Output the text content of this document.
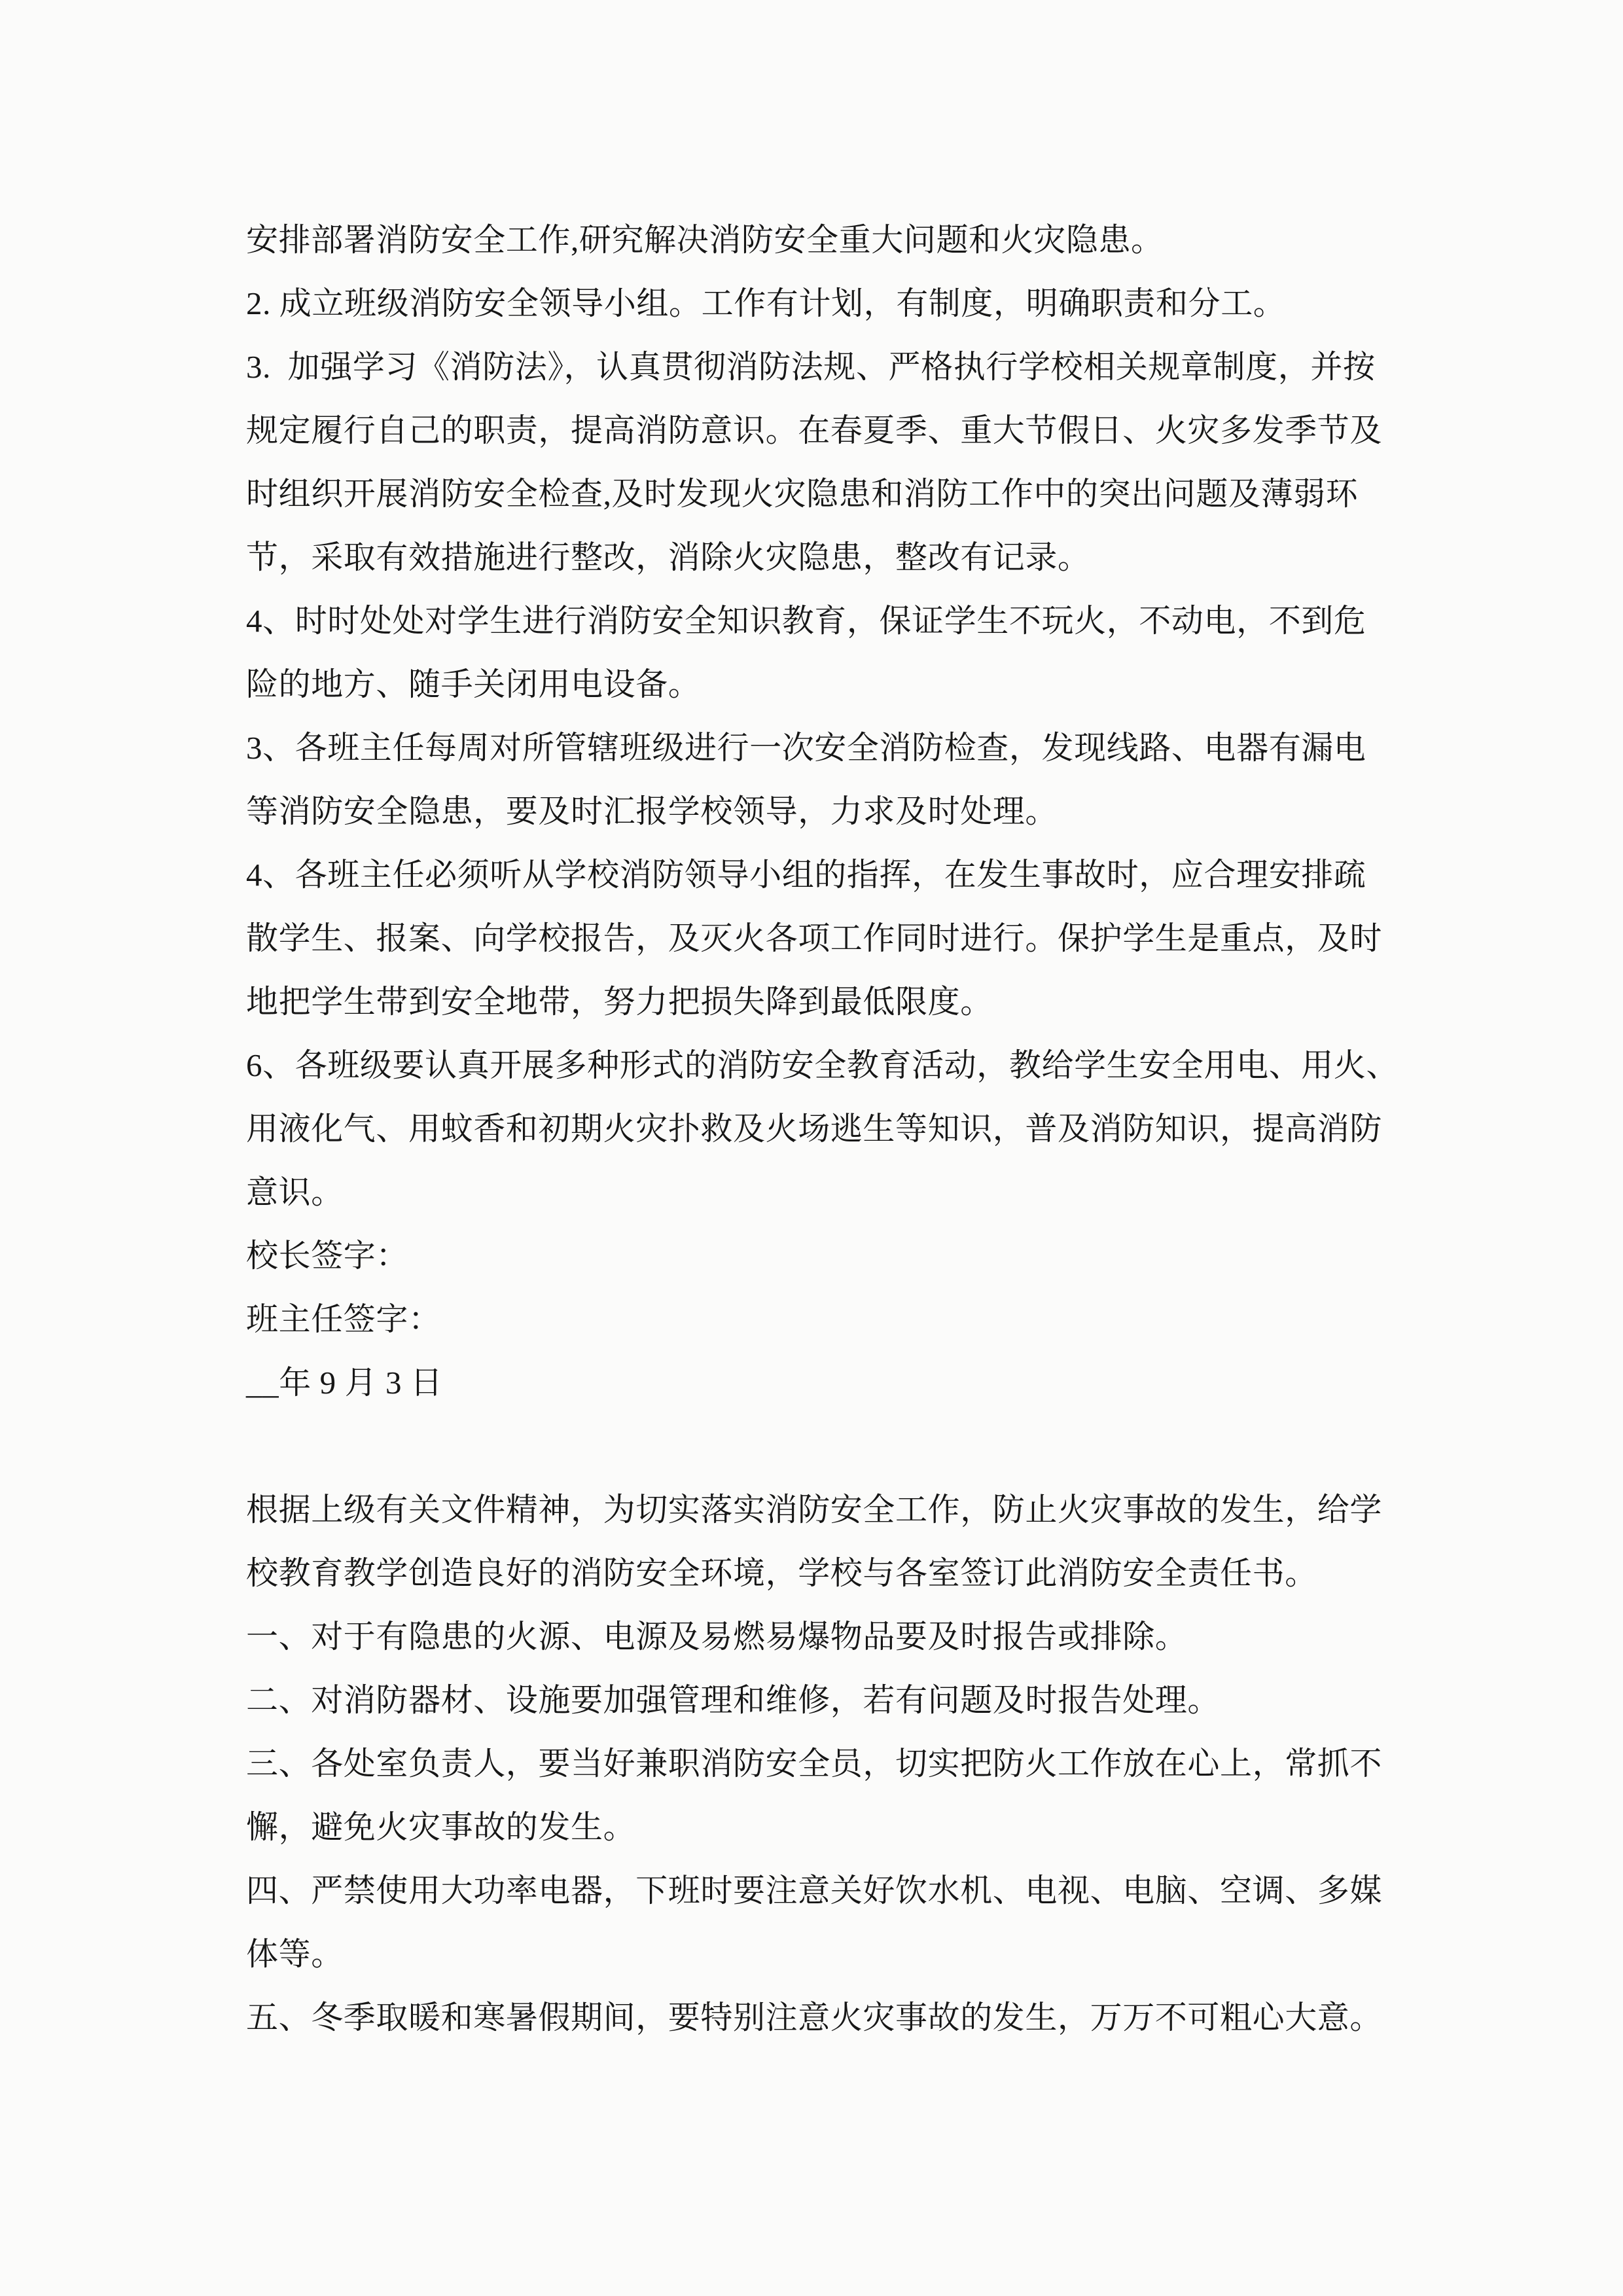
安排部署消防安全工作,研究解决消防安全重大问题和火灾隐患。
2. 成立班级消防安全领导小组。工作有计划，有制度，明确职责和分工。
3.  加强学习《消防法》，认真贯彻消防法规、严格执行学校相关规章制度，并按
规定履行自己的职责，提高消防意识。在春夏季、重大节假日、火灾多发季节及
时组织开展消防安全检查,及时发现火灾隐患和消防工作中的突出问题及薄弱环
节，采取有效措施进行整改，消除火灾隐患，整改有记录。
4、时时处处对学生进行消防安全知识教育，保证学生不玩火，不动电，不到危
险的地方、随手关闭用电设备。
3、各班主任每周对所管辖班级进行一次安全消防检查，发现线路、电器有漏电
等消防安全隐患，要及时汇报学校领导，力求及时处理。
4、各班主任必须听从学校消防领导小组的指挥，在发生事故时，应合理安排疏
散学生、报案、向学校报告，及灭火各项工作同时进行。保护学生是重点，及时
地把学生带到安全地带，努力把损失降到最低限度。
6、各班级要认真开展多种形式的消防安全教育活动，教给学生安全用电、用火、
用液化气、用蚊香和初期火灾扑救及火场逃生等知识，普及消防知识，提高消防
意识。
校长签字：
班主任签字：
__年 9 月 3 日
根据上级有关文件精神，为切实落实消防安全工作，防止火灾事故的发生，给学
校教育教学创造良好的消防安全环境，学校与各室签订此消防安全责任书。
一、对于有隐患的火源、电源及易燃易爆物品要及时报告或排除。
二、对消防器材、设施要加强管理和维修，若有问题及时报告处理。
三、各处室负责人，要当好兼职消防安全员，切实把防火工作放在心上，常抓不
懈，避免火灾事故的发生。
四、严禁使用大功率电器，下班时要注意关好饮水机、电视、电脑、空调、多媒
体等。
五、冬季取暖和寒暑假期间，要特别注意火灾事故的发生，万万不可粗心大意。
